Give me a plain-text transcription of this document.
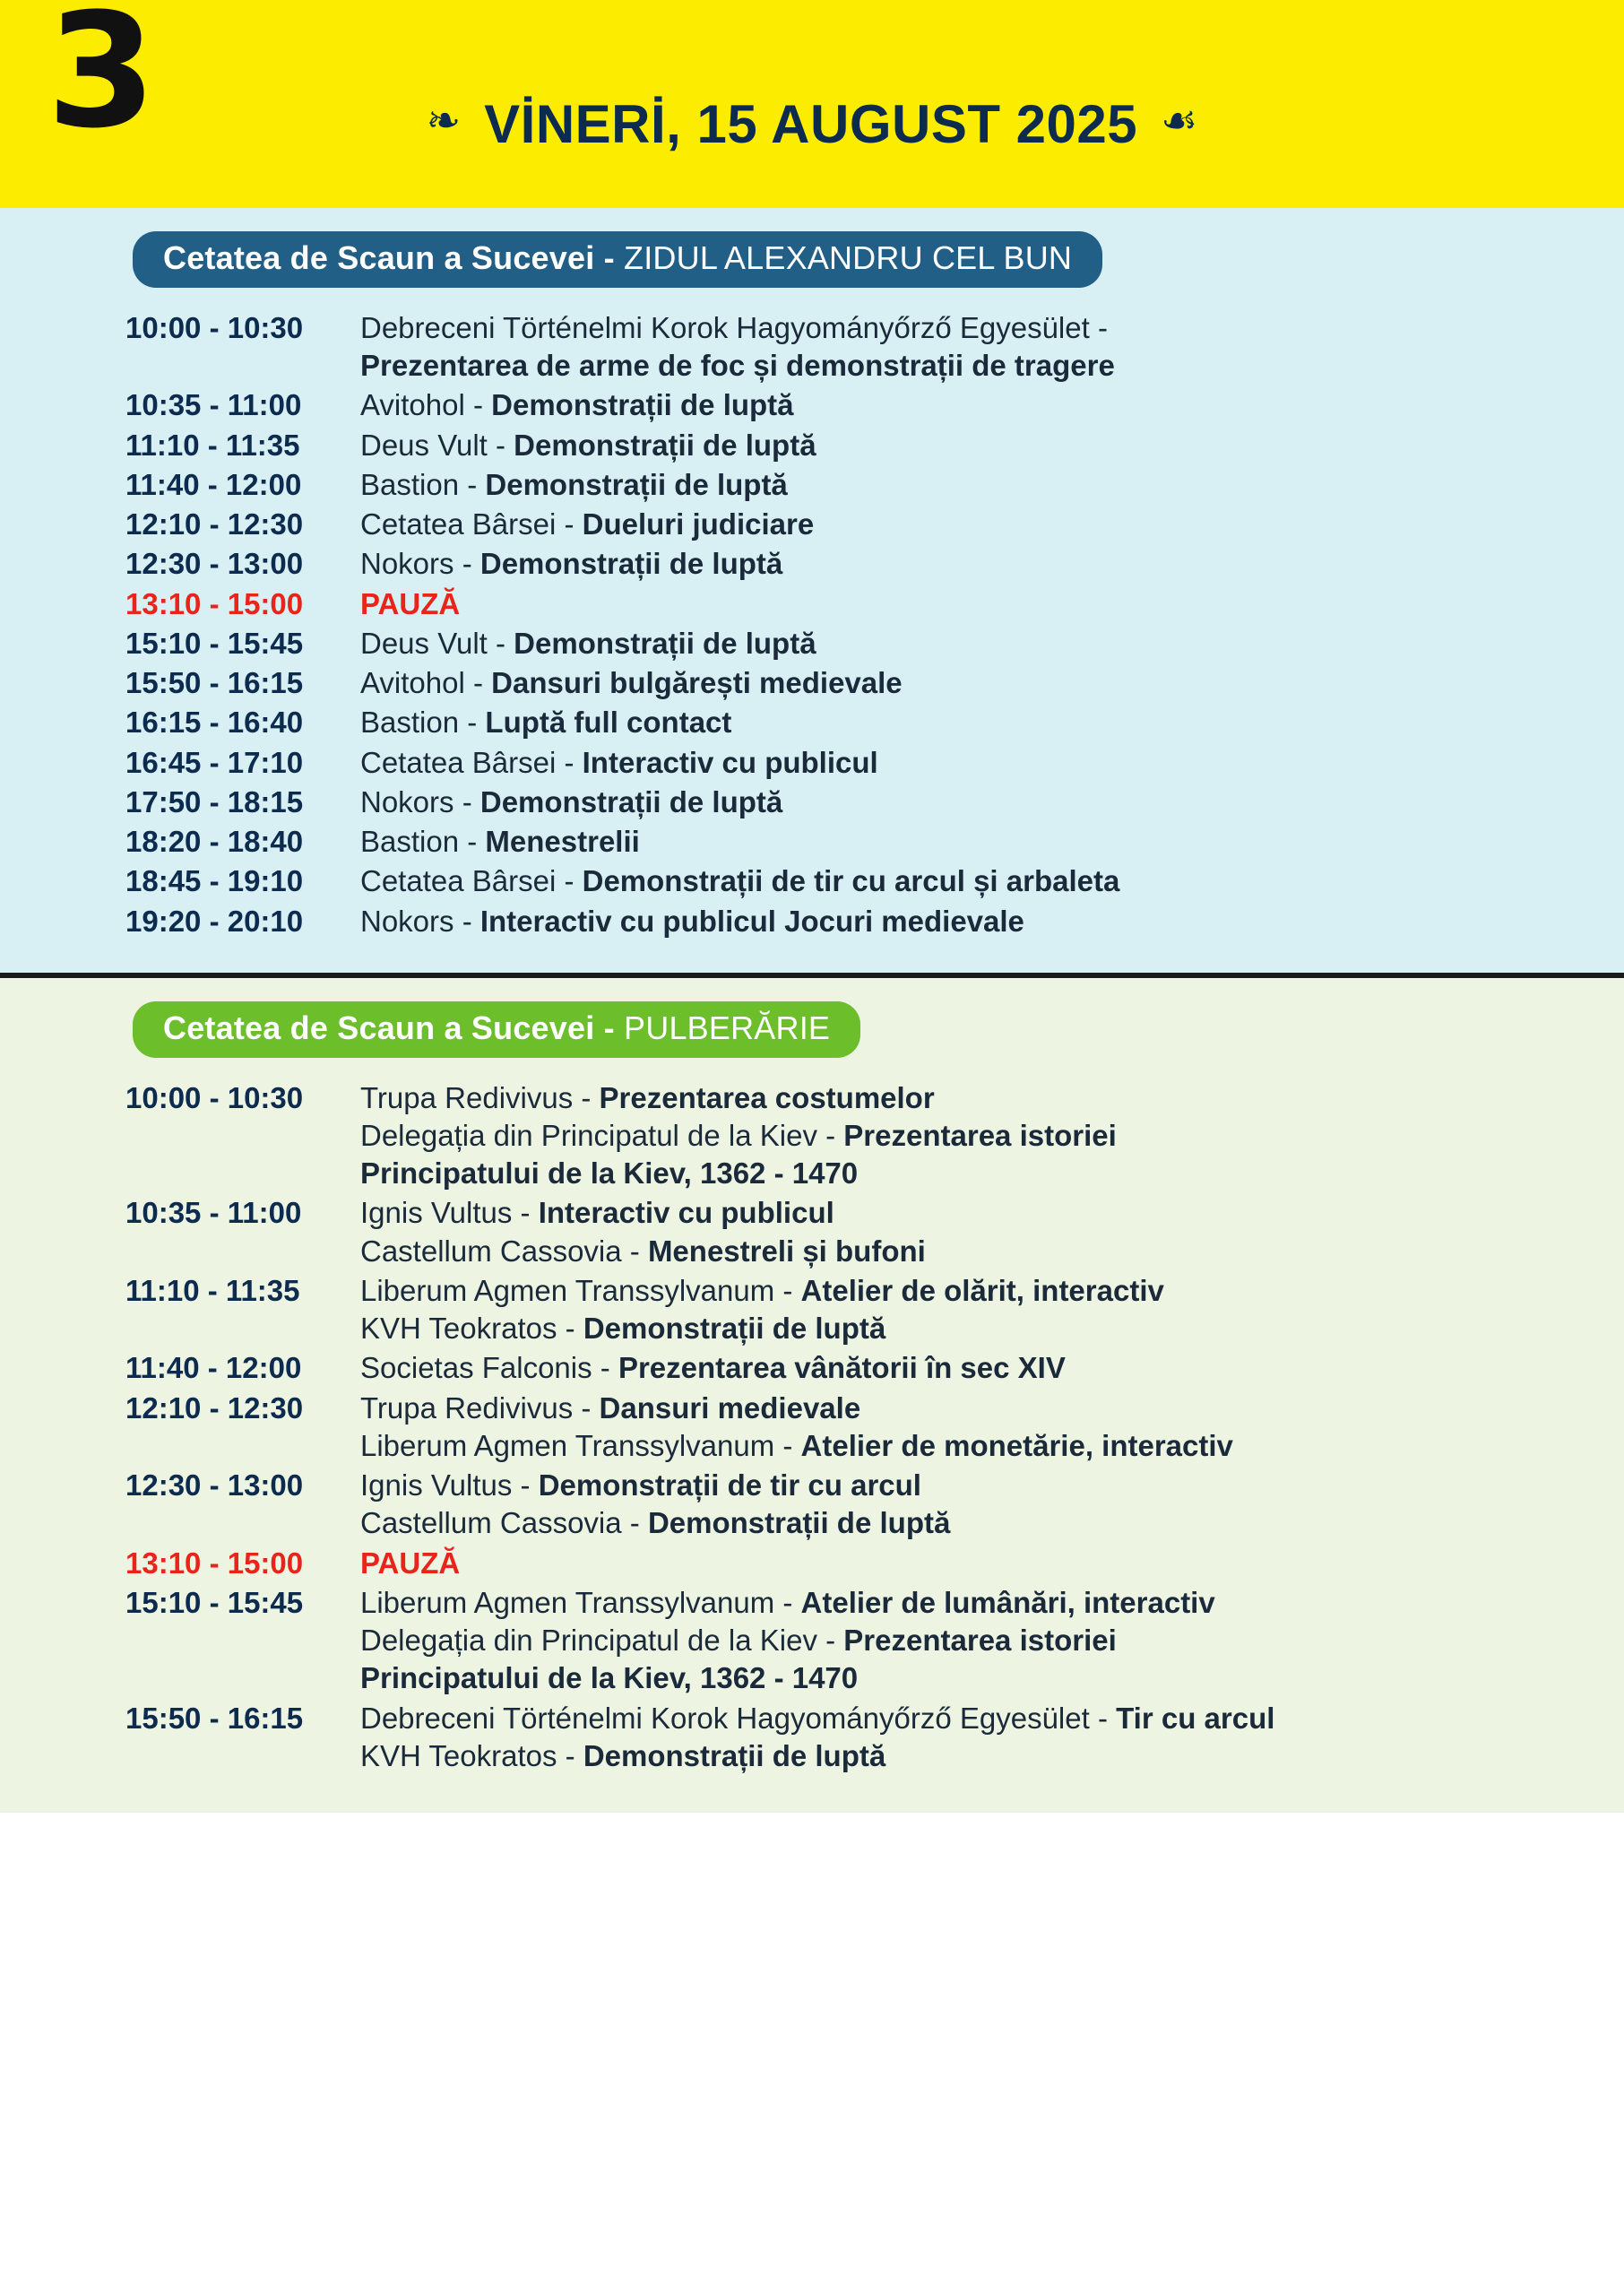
3	❧ VİNERİ, 15 AUGUST 2025 ☙
Cetatea de Scaun a Sucevei - ZIDUL ALEXANDRU CEL BUN
10:00 - 10:30	Debreceni Történelmi Korok Hagyományőrző Egyesület -
Prezentarea de arme de foc și demonstrații de tragere
10:35 - 11:00	Avitohol - Demonstrații de luptă
11:10 - 11:35	Deus Vult - Demonstrații de luptă
11:40 - 12:00	Bastion - Demonstrații de luptă
12:10 - 12:30	Cetatea Bârsei - Dueluri judiciare
12:30 - 13:00	Nokors - Demonstrații de luptă
13:10 - 15:00	PAUZĂ
15:10 - 15:45	Deus Vult - Demonstrații de luptă
15:50 - 16:15	Avitohol - Dansuri bulgărești medievale
16:15 - 16:40	Bastion - Luptă full contact
16:45 - 17:10	Cetatea Bârsei - Interactiv cu publicul
17:50 - 18:15	Nokors - Demonstrații de luptă
18:20 - 18:40	Bastion - Menestrelii
18:45 - 19:10	Cetatea Bârsei - Demonstrații de tir cu arcul și arbaleta
19:20 - 20:10	Nokors - Interactiv cu publicul Jocuri medievale
Cetatea de Scaun a Sucevei - PULBERĂRIE
10:00 - 10:30	Trupa Redivivus - Prezentarea costumelor
Delegația din Principatul de la Kiev - Prezentarea istoriei
Principatului de la Kiev, 1362 - 1470
10:35 - 11:00	Ignis Vultus - Interactiv cu publicul
Castellum Cassovia - Menestreli și bufoni
11:10 - 11:35	Liberum Agmen Transsylvanum - Atelier de olărit, interactiv
KVH Teokratos - Demonstrații de luptă
11:40 - 12:00	Societas Falconis - Prezentarea vânătorii în sec XIV
12:10 - 12:30	Trupa Redivivus - Dansuri medievale
Liberum Agmen Transsylvanum - Atelier de monetărie, interactiv
12:30 - 13:00	Ignis Vultus - Demonstrații de tir cu arcul
Castellum Cassovia - Demonstrații de luptă
13:10 - 15:00	PAUZĂ
15:10 - 15:45	Liberum Agmen Transsylvanum - Atelier de lumânări, interactiv
Delegația din Principatul de la Kiev - Prezentarea istoriei
Principatului de la Kiev, 1362 - 1470
15:50 - 16:15	Debreceni Történelmi Korok Hagyományőrző Egyesület - Tir cu arcul
KVH Teokratos - Demonstrații de luptă
